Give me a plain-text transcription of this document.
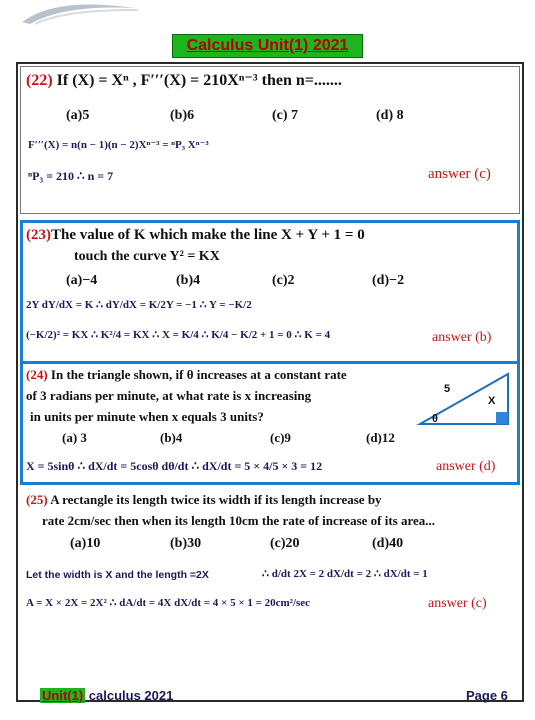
Calculus Unit(1) 2021
(22) If (X) = Xⁿ , F′′′(X) = 210Xⁿ⁻³ then n=.......
(a)5	(b)6	(c) 7	(d) 8
F′′′(X) = n(n − 1)(n − 2)Xⁿ⁻³ = ⁿP₃ Xⁿ⁻³
ⁿP₃ = 210 ∴ n = 7	answer (c)
(23)The value of K which make the line X + Y + 1 = 0
touch the curve Y² = KX
(a)−4	(b)4	(c)2	(d)−2
2Y dY/dX = K ∴ dY/dX = K/2Y = −1 ∴ Y = −K/2
(−K/2)² = KX ∴ K²/4 = KX ∴ X = K/4 ∴ K/4 − K/2 + 1 = 0 ∴ K = 4	answer (b)
(24) In the triangle shown, if θ increases at a constant rate
of 3 radians per minute, at what rate is x increasing
in units per minute when x equals 3 units?
(a) 3	(b)4	(c)9	(d)12
X = 5sinθ ∴ dX/dt = 5cosθ dθ/dt ∴ dX/dt = 5 × 4/5 × 3 = 12	answer (d)
5
X
θ
(25) A rectangle its length twice its width if its length increase by
rate 2cm/sec then when its length 10cm the rate of increase of its area...
(a)10	(b)30	(c)20	(d)40
Let the width is X and the length =2X	∴ d/dt 2X = 2 dX/dt = 2 ∴ dX/dt = 1
A = X × 2X = 2X² ∴ dA/dt = 4X dX/dt = 4 × 5 × 1 = 20cm²/sec	answer (c)
Unit(1) calculus 2021	Page 6
